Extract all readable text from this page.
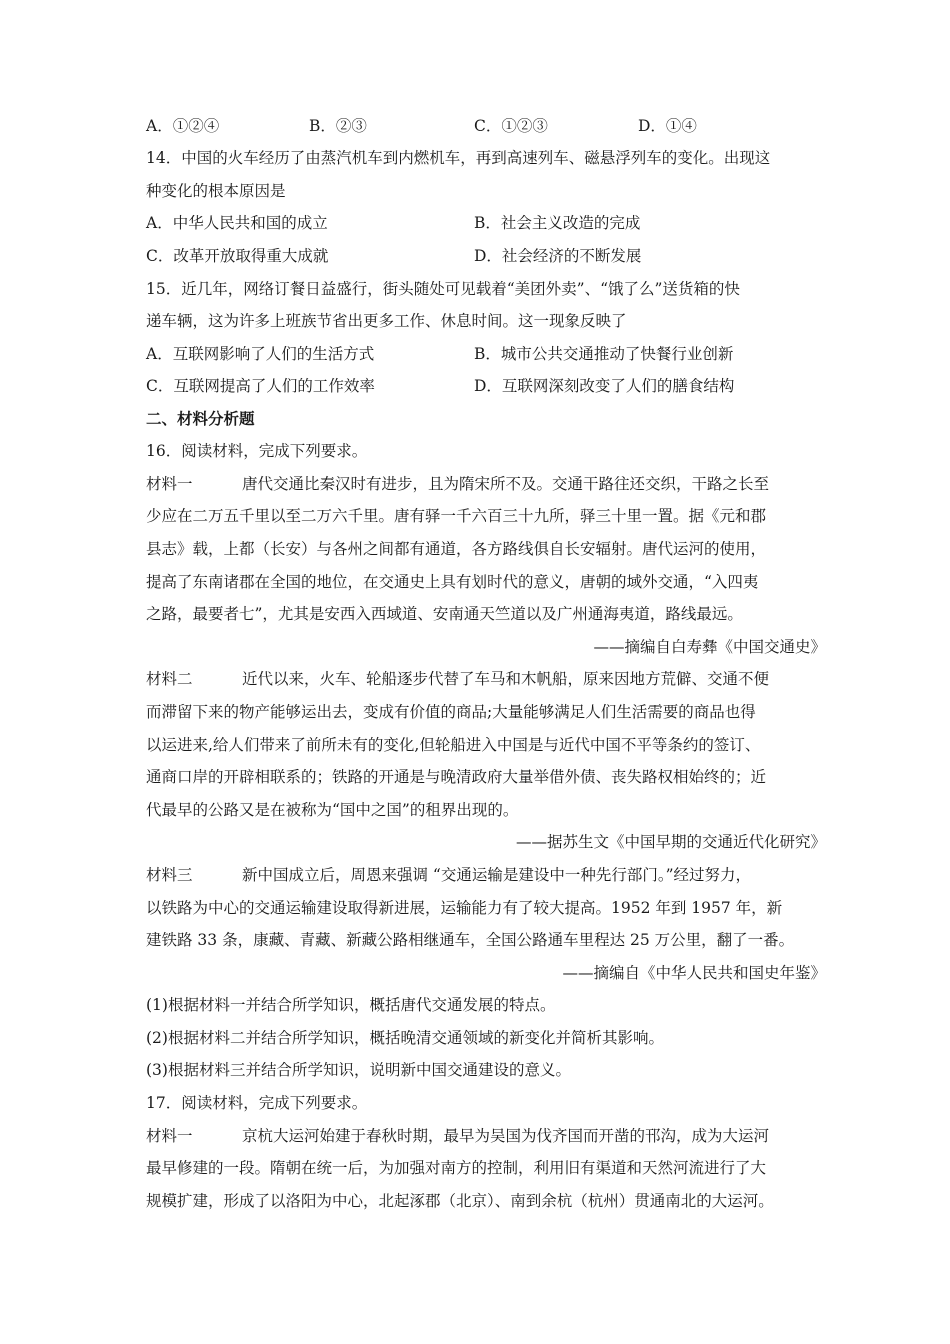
A．①②④	B．②③	C．①②③	D．①④
14．中国的火车经历了由蒸汽机车到内燃机车，再到高速列车、磁悬浮列车的变化。出现这
种变化的根本原因是
A．中华人民共和国的成立	B．社会主义改造的完成
C．改革开放取得重大成就	D．社会经济的不断发展
15．近几年，网络订餐日益盛行，街头随处可见载着“美团外卖”、“饿了么”送货箱的快
递车辆，这为许多上班族节省出更多工作、休息时间。这一现象反映了
A．互联网影响了人们的生活方式	B．城市公共交通推动了快餐行业创新
C．互联网提高了人们的工作效率	D．互联网深刻改变了人们的膳食结构
二、材料分析题
16．阅读材料，完成下列要求。
材料一	唐代交通比秦汉时有进步，且为隋宋所不及。交通干路往还交织，干路之长至
少应在二万五千里以至二万六千里。唐有驿一千六百三十九所，驿三十里一置。据《元和郡
县志》载，上都（长安）与各州之间都有通道，各方路线俱自长安辐射。唐代运河的使用，
提高了东南诸郡在全国的地位，在交通史上具有划时代的意义，唐朝的域外交通，“入四夷
之路，最要者七”，尤其是安西入西域道、安南通天竺道以及广州通海夷道，路线最远。
——摘编自白寿彝《中国交通史》
材料二	近代以来，火车、轮船逐步代替了车马和木帆船，原来因地方荒僻、交通不便
而滞留下来的物产能够运出去，变成有价值的商品;大量能够满足人们生活需要的商品也得
以运进来,给人们带来了前所未有的变化,但轮船进入中国是与近代中国不平等条约的签订、
通商口岸的开辟相联系的；铁路的开通是与晚清政府大量举借外债、丧失路权相始终的；近
代最早的公路又是在被称为“国中之国”的租界出现的。
——据苏生文《中国早期的交通近代化研究》
材料三	新中国成立后，周恩来强调 “交通运输是建设中一种先行部门。”经过努力，
以铁路为中心的交通运输建设取得新进展，运输能力有了较大提高。1952 年到 1957 年，新
建铁路 33 条，康藏、青藏、新藏公路相继通车，全国公路通车里程达 25 万公里，翻了一番。
——摘编自《中华人民共和国史年鉴》
(1)根据材料一并结合所学知识，概括唐代交通发展的特点。
(2)根据材料二并结合所学知识，概括晚清交通领域的新变化并简析其影响。
(3)根据材料三并结合所学知识，说明新中国交通建设的意义。
17．阅读材料，完成下列要求。
材料一	京杭大运河始建于春秋时期，最早为吴国为伐齐国而开凿的邗沟，成为大运河
最早修建的一段。隋朝在统一后，为加强对南方的控制，利用旧有渠道和天然河流进行了大
规模扩建，形成了以洛阳为中心，北起涿郡（北京）、南到余杭（杭州）贯通南北的大运河。
